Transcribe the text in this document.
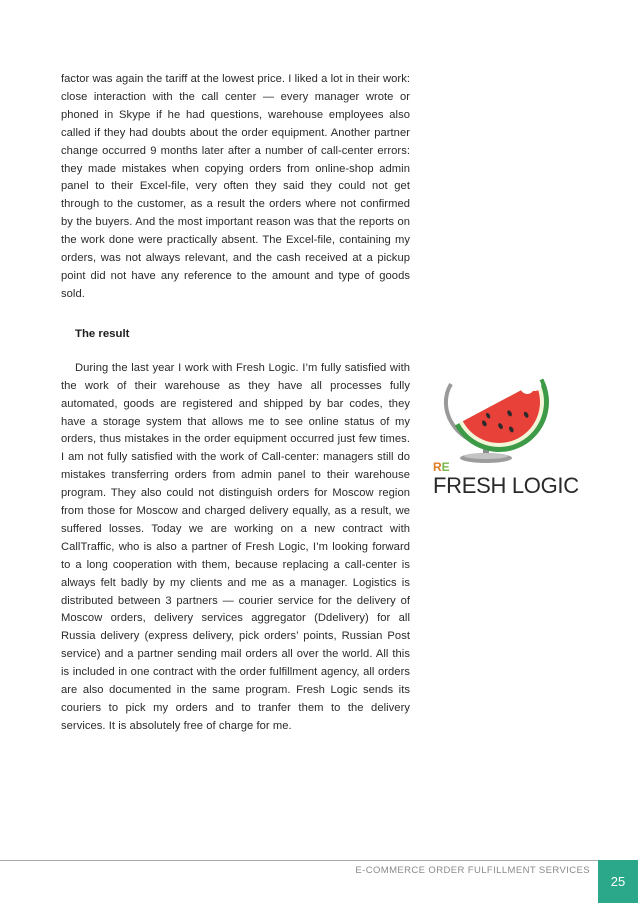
factor was again the tariff at the lowest price. I liked a lot in their work: close interaction with the call center — every manager wrote or phoned in Skype if he had questions, warehouse employees also called if they had doubts about the order equipment. Another partner change occurred 9 months later after a number of call-center errors: they made mistakes when copying orders from online-shop admin panel to their Excel-file, very often they said they could not get through to the customer, as a result the orders where not confirmed by the buyers. And the most important reason was that the reports on the work done were practically absent. The Excel-file, containing my orders, was not always relevant, and the cash received at a pickup point did not have any reference to the amount and type of goods sold.

The result

During the last year I work with Fresh Logic. I’m fully satisfied with the work of their warehouse as they have all processes fully automated, goods are registered and shipped by bar codes, they have a storage system that allows me to see online status of my orders, thus mistakes in the order equipment occurred just few times. I am not fully satisfied with the work of Call-center: managers still do mistakes transferring orders from admin panel to their warehouse program. They also could not distinguish orders for Moscow region from those for Moscow and charged delivery equally, as a result, we suffered losses. Today we are working on a new contract with CallTraffic, who is also a partner of Fresh Logic, I’m looking forward to a long cooperation with them, because replacing a call-center is always felt badly by my clients and me as a manager. Logistics is distributed between 3 partners — courier service for the delivery of Moscow orders, delivery services aggregator (Ddelivery) for all Russia delivery (express delivery, pick orders’ points, Russian Post service) and a partner sending mail orders all over the world. All this is included in one contract with the order fulfillment agency, all orders are also documented in the same program. Fresh Logic sends its couriers to pick my orders and to tranfer them to the delivery services. It is absolutely free of charge for me.

RE
FRESH LOGIC
E-COMMERCE ORDER FULFILLMENT SERVICES
25
